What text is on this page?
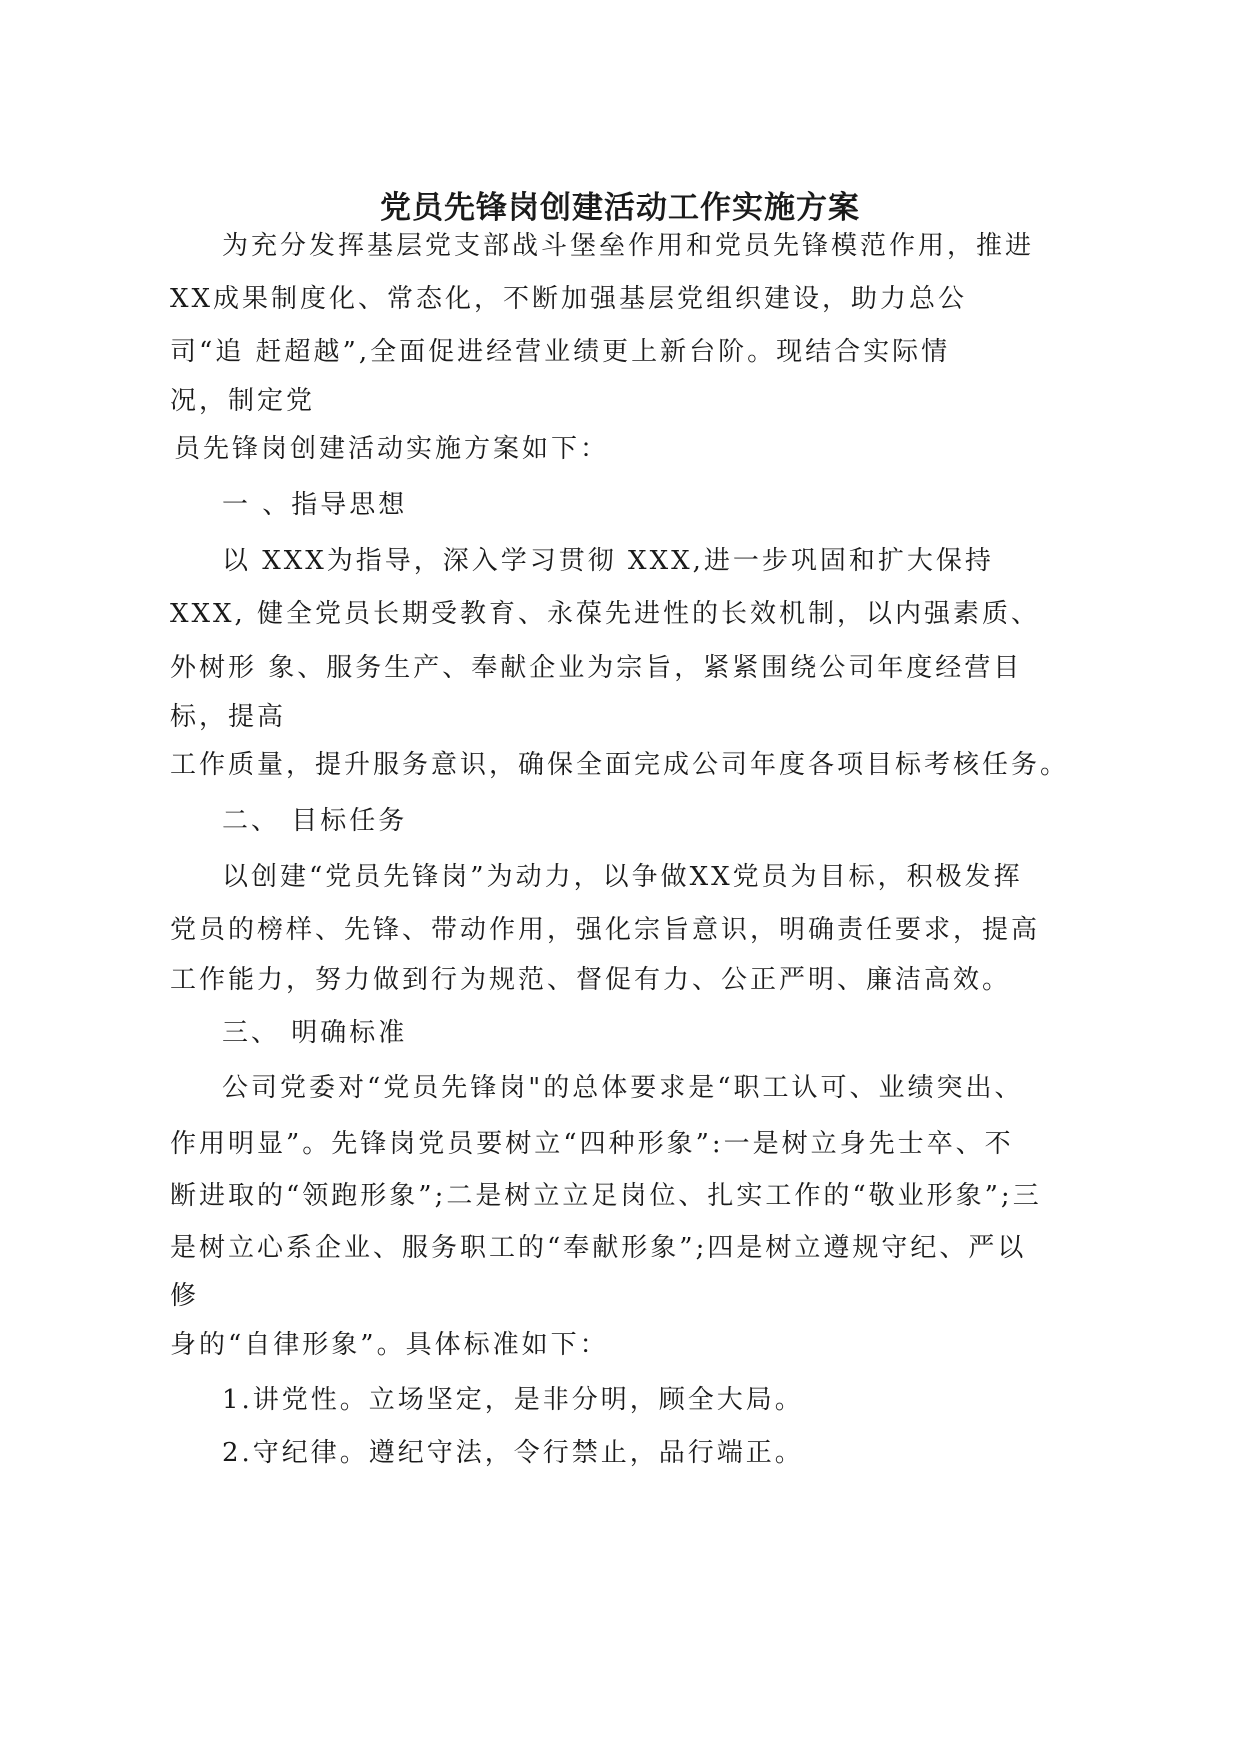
党员先锋岗创建活动工作实施方案
为充分发挥基层党支部战斗堡垒作用和党员先锋模范作用，推进
XX成果制度化、常态化，不断加强基层党组织建设，助力总公
司“追 赶超越”,全面促进经营业绩更上新台阶。现结合实际情
况，制定党
员先锋岗创建活动实施方案如下：
一 、指导思想
以 XXX为指导，深入学习贯彻 XXX,进一步巩固和扩大保持
XXX, 健全党员长期受教育、永葆先进性的长效机制，以内强素质、
外树形 象、服务生产、奉献企业为宗旨，紧紧围绕公司年度经营目
标，提高
工作质量，提升服务意识，确保全面完成公司年度各项目标考核任务。
二、 目标任务
以创建“党员先锋岗”为动力，以争做XX党员为目标，积极发挥
党员的榜样、先锋、带动作用，强化宗旨意识，明确责任要求，提高
工作能力，努力做到行为规范、督促有力、公正严明、廉洁高效。
三、 明确标准
公司党委对“党员先锋岗"的总体要求是“职工认可、业绩突出、
作用明显”。先锋岗党员要树立“四种形象”:一是树立身先士卒、不
断进取的“领跑形象”;二是树立立足岗位、扎实工作的“敬业形象”;三
是树立心系企业、服务职工的“奉献形象”;四是树立遵规守纪、严以
修
身的“自律形象”。具体标准如下：
1.讲党性。立场坚定，是非分明，顾全大局。
2.守纪律。遵纪守法，令行禁止，品行端正。
